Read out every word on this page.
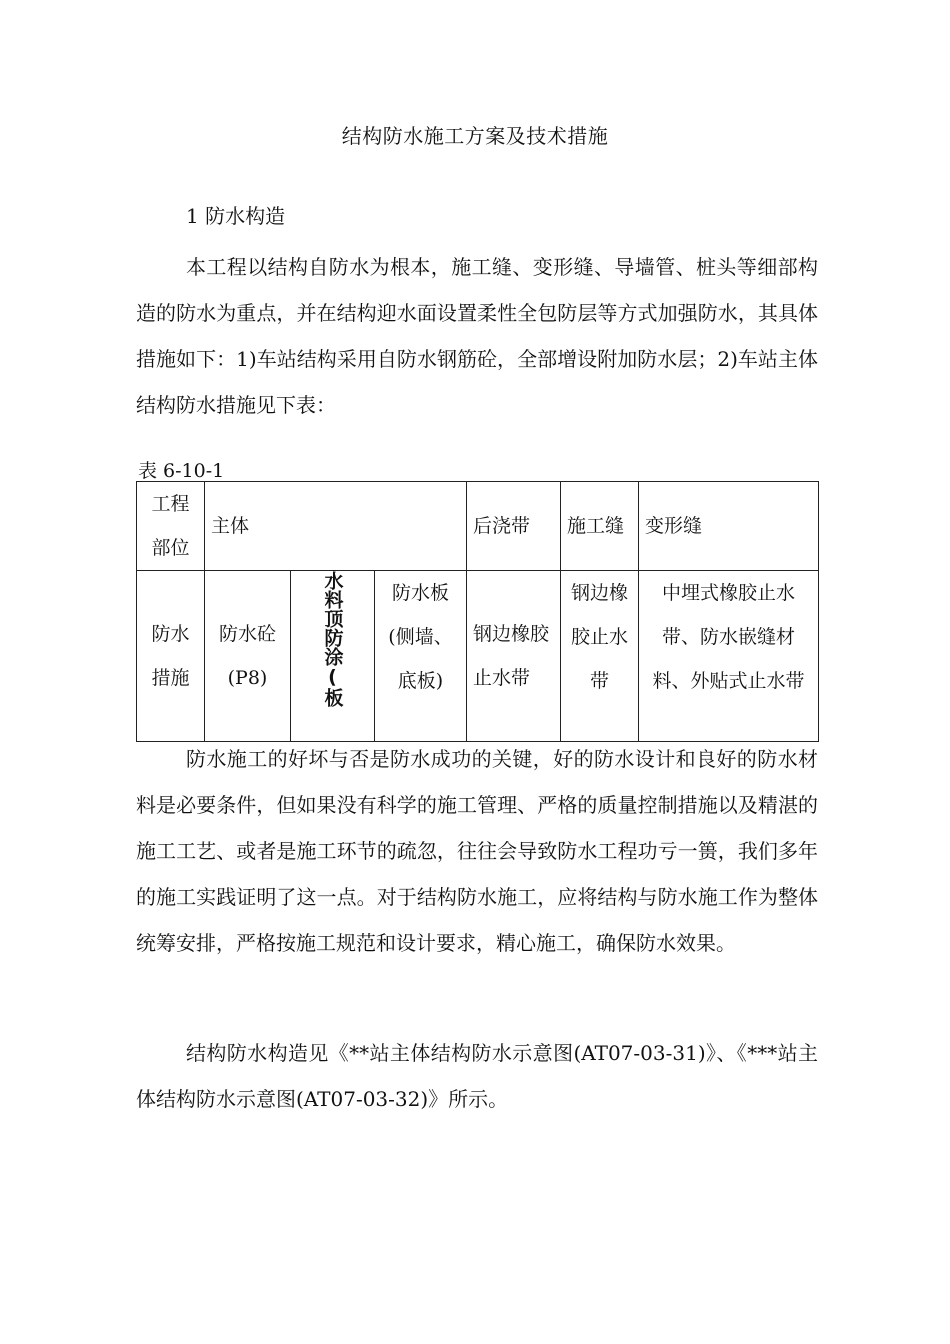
结构防水施工方案及技术措施
1 防水构造
本工程以结构自防水为根本，施工缝、变形缝、导墙管、桩头等细部构造的防水为重点，并在结构迎水面设置柔性全包防层等方式加强防水，其具体措施如下：1)车站结构采用自防水钢筋砼，全部增设附加防水层；2)车站主体结构防水措施见下表：
表 6-10-1
工程部位	主体			后浇带	施工缝	变形缝
防水措施	防水砼(P8)	水料顶防涂(板	防水板(侧墙、底板)	钢边橡胶止水带	钢边橡胶止水带	中埋式橡胶止水带、防水嵌缝材料、外贴式止水带
防水施工的好坏与否是防水成功的关键，好的防水设计和良好的防水材料是必要条件，但如果没有科学的施工管理、严格的质量控制措施以及精湛的施工工艺、或者是施工环节的疏忽，往往会导致防水工程功亏一篑，我们多年的施工实践证明了这一点。对于结构防水施工，应将结构与防水施工作为整体统筹安排，严格按施工规范和设计要求，精心施工，确保防水效果。
结构防水构造见《**站主体结构防水示意图(AT07-03-31)》、《***站主体结构防水示意图(AT07-03-32)》所示。
